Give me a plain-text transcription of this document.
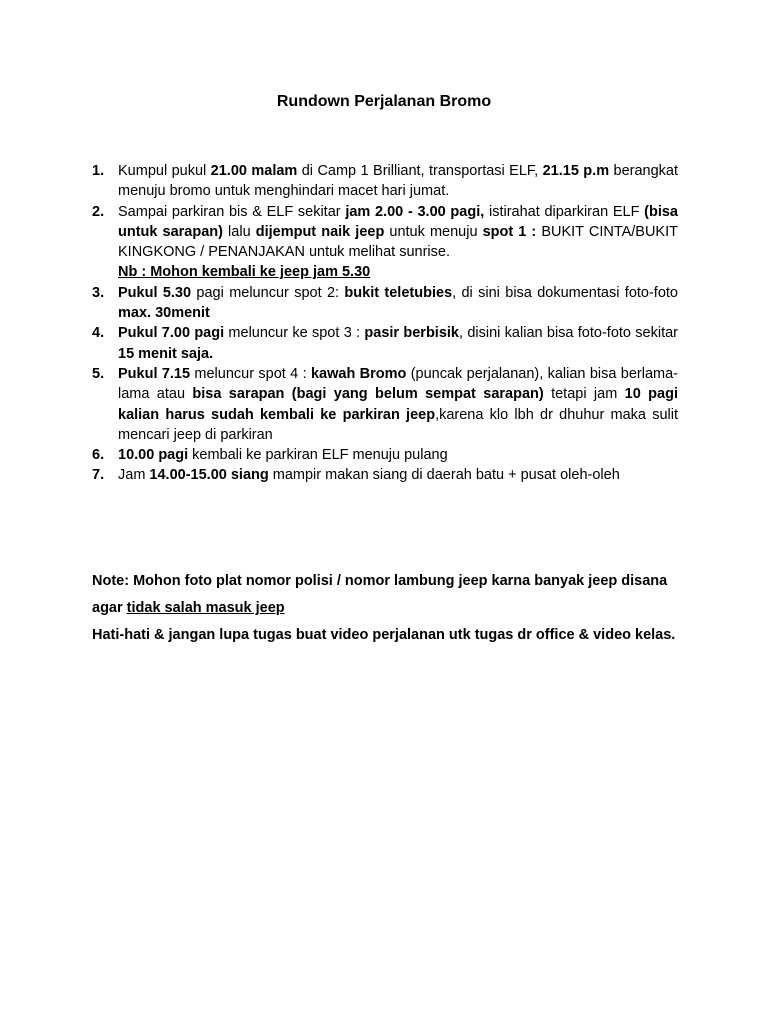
Rundown Perjalanan Bromo
1. Kumpul pukul 21.00 malam di Camp 1 Brilliant, transportasi ELF, 21.15 p.m berangkat menuju bromo untuk menghindari macet hari jumat.
2. Sampai parkiran bis & ELF sekitar jam 2.00 - 3.00 pagi, istirahat diparkiran ELF (bisa untuk sarapan) lalu dijemput naik jeep untuk menuju spot 1 : BUKIT CINTA/BUKIT KINGKONG / PENANJAKAN untuk melihat sunrise.
Nb : Mohon kembali ke jeep jam 5.30
3. Pukul 5.30 pagi meluncur spot 2: bukit teletubies, di sini bisa dokumentasi foto-foto max. 30menit
4. Pukul 7.00 pagi meluncur ke spot 3 : pasir berbisik, disini kalian bisa foto-foto sekitar 15 menit saja.
5. Pukul 7.15 meluncur spot 4 : kawah Bromo (puncak perjalanan), kalian bisa berlama-lama atau bisa sarapan (bagi yang belum sempat sarapan) tetapi jam 10 pagi kalian harus sudah kembali ke parkiran jeep,karena klo lbh dr dhuhur maka sulit mencari jeep di parkiran
6. 10.00 pagi kembali ke parkiran ELF menuju pulang
7. Jam 14.00-15.00 siang mampir makan siang di daerah batu + pusat oleh-oleh
Note: Mohon foto plat nomor polisi / nomor lambung jeep karna banyak jeep disana agar tidak salah masuk jeep
Hati-hati & jangan lupa tugas buat video perjalanan utk tugas dr office & video kelas.
